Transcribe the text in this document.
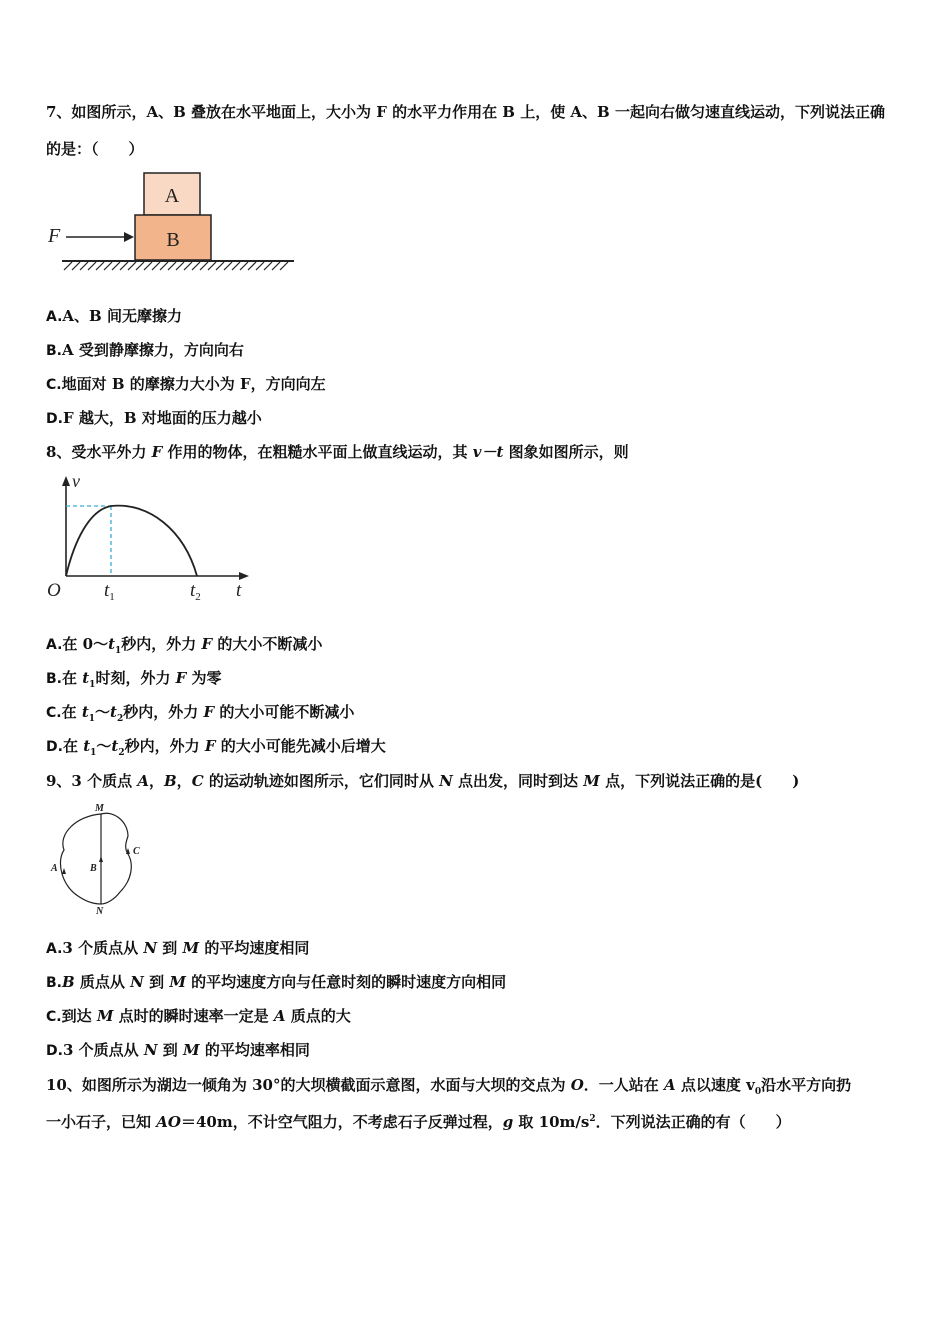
7、如图所示，A、B 叠放在水平地面上，大小为 F 的水平力作用在 B 上，使 A、B 一起向右做匀速直线运动，下列说法正确
的是：（　　）
A
B
F
A.A、B 间无摩擦力
B.A 受到静摩擦力，方向向右
C.地面对 B 的摩擦力大小为 F，方向向左
D.F 越大，B 对地面的压力越小
8、受水平外力 F 作用的物体，在粗糙水平面上做直线运动，其 v－t 图象如图所示，则
v
O $t_1$	$t_2$ t
A.在 $0\sim t_1$秒内，外力 F 的大小不断减小
B.在 $t_1$时刻，外力 F 为零
C.在 $t_1\sim t_2$秒内，外力 F 的大小可能不断减小
D.在 $t_1\sim t_2$秒内，外力 F 的大小可能先减小后增大
9、3 个质点 A，B，C 的运动轨迹如图所示，它们同时从 N 点出发，同时到达 M 点，下列说法正确的是(　　)
M
N
A	B
C
A.3 个质点从 N 到 M 的平均速度相同
B.B 质点从 N 到 M 的平均速度方向与任意时刻的瞬时速度方向相同
C.到达 M 点时的瞬时速率一定是 A 质点的大
D.3 个质点从 N 到 M 的平均速率相同
10、如图所示为湖边一倾角为 30°的大坝横截面示意图，水面与大坝的交点为 O．一人站在 A 点以速度 $v_0$沿水平方向扔
一小石子，已知 AO＝40m，不计空气阻力，不考虑石子反弹过程，g 取 $10m/s^2$．下列说法正确的有（　　）
